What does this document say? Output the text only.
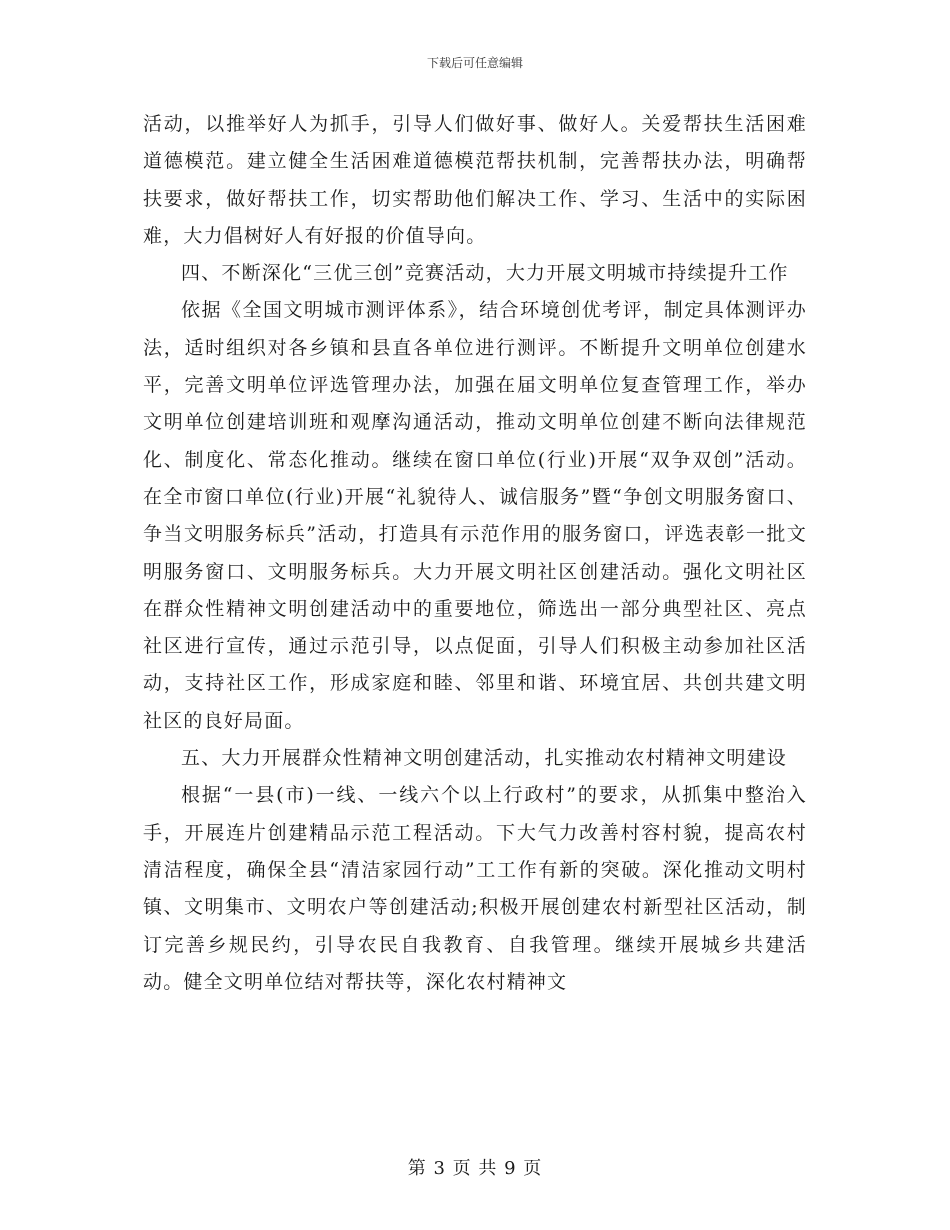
下载后可任意编辑

活动，以推举好人为抓手，引导人们做好事、做好人。关爱帮扶生活困难道德模范。建立健全生活困难道德模范帮扶机制，完善帮扶办法，明确帮扶要求，做好帮扶工作，切实帮助他们解决工作、学习、生活中的实际困难，大力倡树好人有好报的价值导向。

四、不断深化“三优三创”竞赛活动，大力开展文明城市持续提升工作

依据《全国文明城市测评体系》，结合环境创优考评，制定具体测评办法，适时组织对各乡镇和县直各单位进行测评。不断提升文明单位创建水平，完善文明单位评选管理办法，加强在届文明单位复查管理工作，举办文明单位创建培训班和观摩沟通活动，推动文明单位创建不断向法律规范化、制度化、常态化推动。继续在窗口单位(行业)开展“双争双创”活动。在全市窗口单位(行业)开展“礼貌待人、诚信服务”暨“争创文明服务窗口、争当文明服务标兵”活动，打造具有示范作用的服务窗口，评选表彰一批文明服务窗口、文明服务标兵。大力开展文明社区创建活动。强化文明社区在群众性精神文明创建活动中的重要地位，筛选出一部分典型社区、亮点社区进行宣传，通过示范引导，以点促面，引导人们积极主动参加社区活动，支持社区工作，形成家庭和睦、邻里和谐、环境宜居、共创共建文明社区的良好局面。

五、大力开展群众性精神文明创建活动，扎实推动农村精神文明建设

根据“一县(市)一线、一线六个以上行政村”的要求，从抓集中整治入手，开展连片创建精品示范工程活动。下大气力改善村容村貌，提高农村清洁程度，确保全县“清洁家园行动”工工作有新的突破。深化推动文明村镇、文明集市、文明农户等创建活动;积极开展创建农村新型社区活动，制订完善乡规民约，引导农民自我教育、自我管理。继续开展城乡共建活动。健全文明单位结对帮扶等，深化农村精神文

第 3 页 共 9 页
